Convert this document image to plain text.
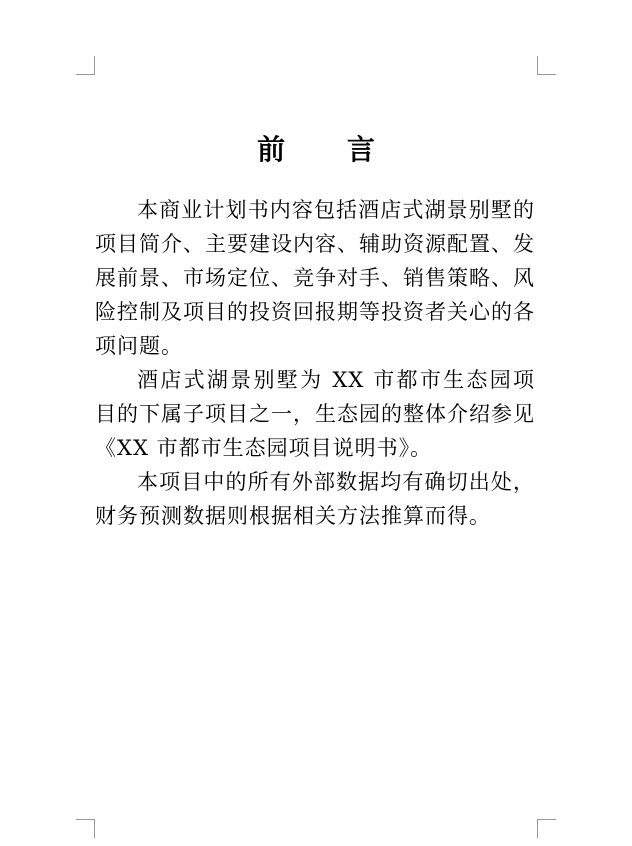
前 言

本商业计划书内容包括酒店式湖景别墅的项目简介、主要建设内容、辅助资源配置、发展前景、市场定位、竞争对手、销售策略、风险控制及项目的投资回报期等投资者关心的各项问题。

酒店式湖景别墅为 XX 市都市生态园项目的下属子项目之一，生态园的整体介绍参见《XX 市都市生态园项目说明书》。

本项目中的所有外部数据均有确切出处，财务预测数据则根据相关方法推算而得。
